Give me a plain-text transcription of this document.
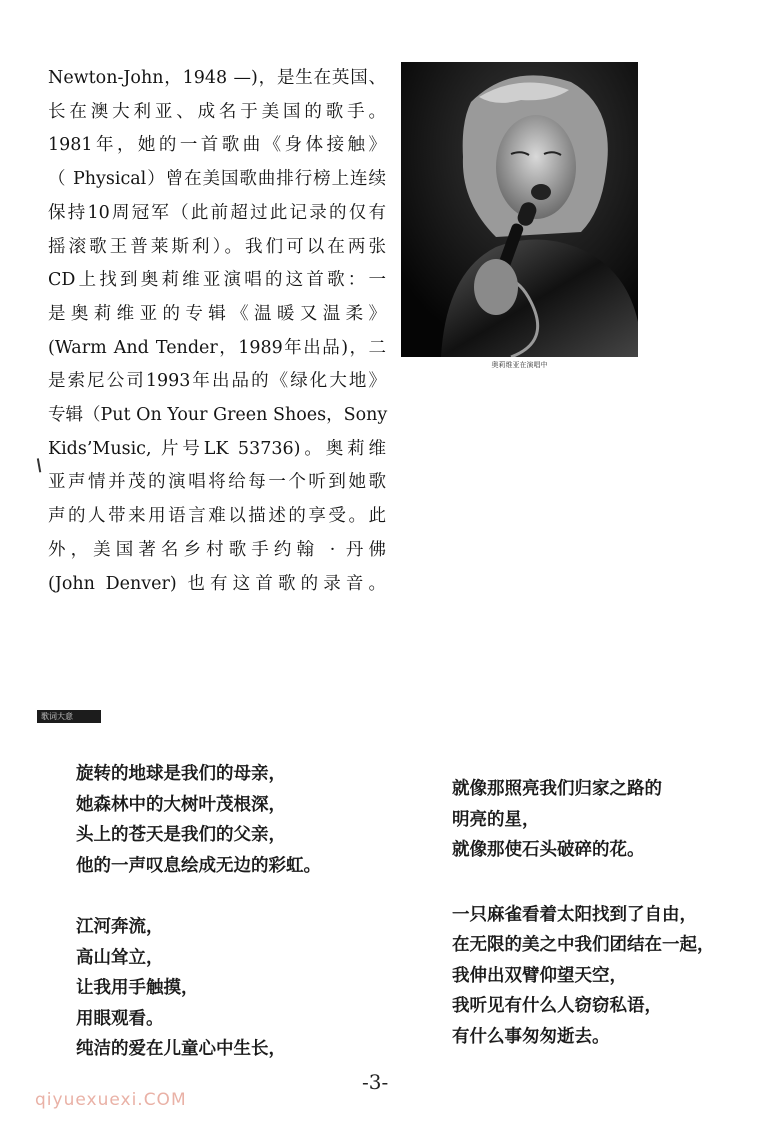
Newton-John，1948 —)，是生在英国、
长在澳大利亚、成名于美国的歌手。
1981年，她的一首歌曲《身体接触》
（ Physical）曾在美国歌曲排行榜上连续
保持10周冠军（此前超过此记录的仅有
摇滚歌王普莱斯利）。我们可以在两张
CD上找到奥莉维亚演唱的这首歌：一
是奥莉维亚的专辑《温暖又温柔》
(Warm And Tender，1989年出品)，二
是索尼公司1993年出品的《绿化大地》
专辑（Put On Your Green Shoes，Sony
Kids’Music, 片号LK 53736)。奥莉维
亚声情并茂的演唱将给每一个听到她歌
声的人带来用语言难以描述的享受。此
外，美国著名乡村歌手约翰 · 丹佛
(John Denver) 也有这首歌的录音。
奥莉维亚在演唱中
歌词大意
旋转的地球是我们的母亲，
她森林中的大树叶茂根深，
头上的苍天是我们的父亲，
他的一声叹息绘成无边的彩虹。
江河奔流，
高山耸立，
让我用手触摸，
用眼观看。
纯洁的爱在儿童心中生长，
就像那照亮我们归家之路的
明亮的星，
就像那使石头破碎的花。
一只麻雀看着太阳找到了自由，
在无限的美之中我们团结在一起，
我伸出双臂仰望天空，
我听见有什么人窃窃私语，
有什么事匆匆逝去。
-3-
qiyuexuexi.COM
